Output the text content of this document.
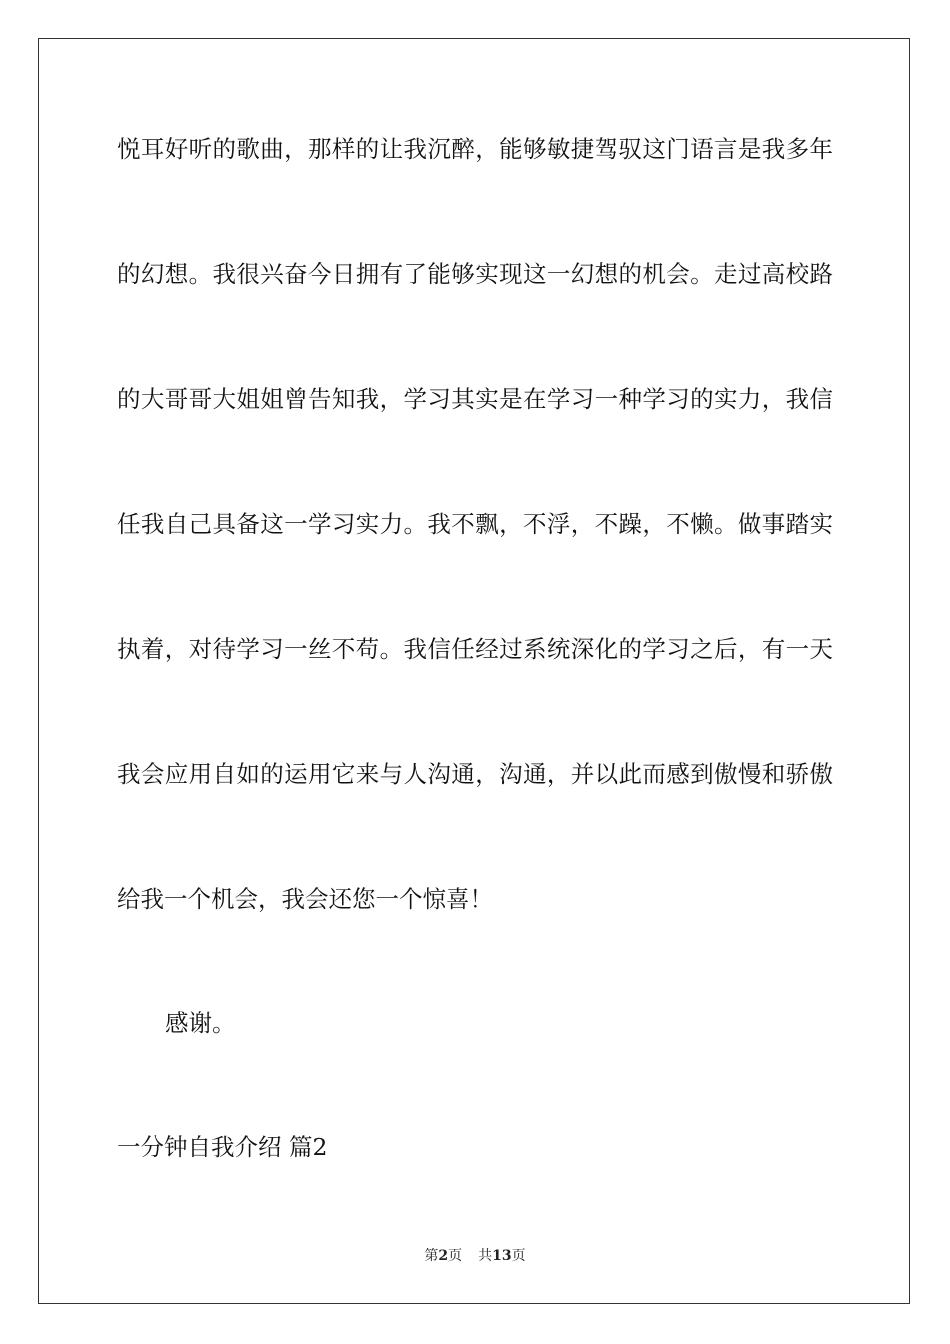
悦耳好听的歌曲，那样的让我沉醉，能够敏捷驾驭这门语言是我多年
的幻想。我很兴奋今日拥有了能够实现这一幻想的机会。走过高校路
的大哥哥大姐姐曾告知我，学习其实是在学习一种学习的实力，我信
任我自己具备这一学习实力。我不飘，不浮，不躁，不懒。做事踏实
执着，对待学习一丝不苟。我信任经过系统深化的学习之后，有一天
我会应用自如的运用它来与人沟通，沟通，并以此而感到傲慢和骄傲
给我一个机会，我会还您一个惊喜！
感谢。
一分钟自我介绍 篇2
第2页 共13页
